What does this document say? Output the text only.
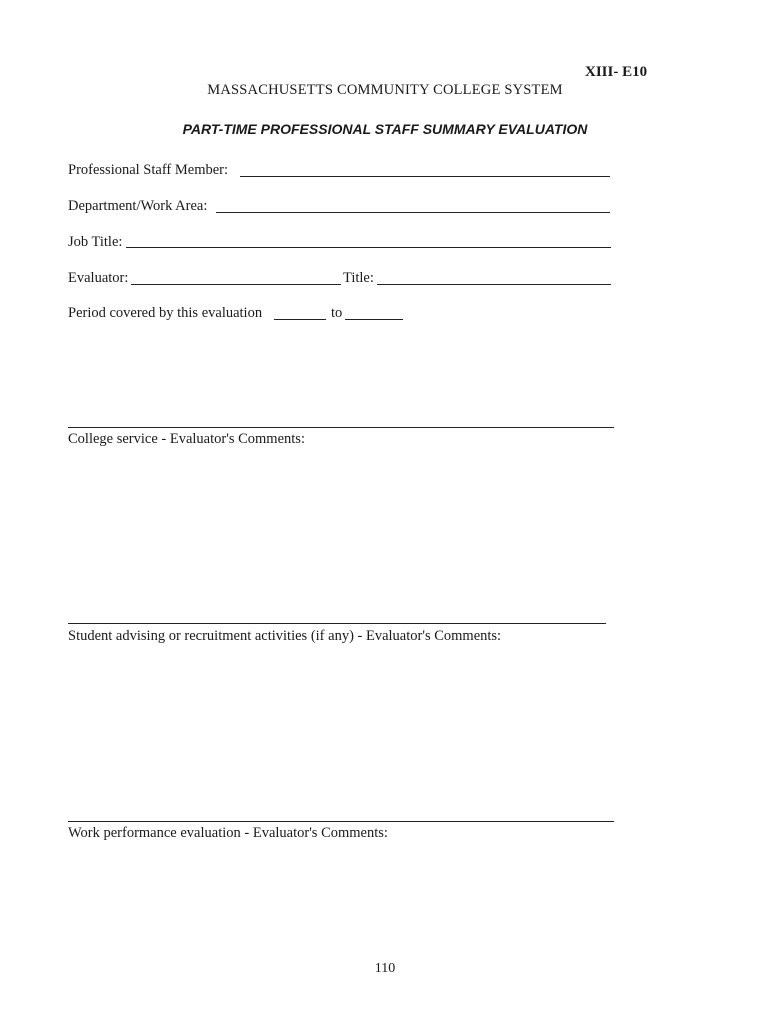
XIII- E10
MASSACHUSETTS COMMUNITY COLLEGE SYSTEM
PART-TIME PROFESSIONAL STAFF SUMMARY EVALUATION
Professional Staff Member:
Department/Work Area:
Job Title:
Evaluator:	Title:
Period covered by this evaluation	to
College service - Evaluator's Comments:
Student advising or recruitment activities (if any) - Evaluator's Comments:
Work performance evaluation - Evaluator's Comments:
110
